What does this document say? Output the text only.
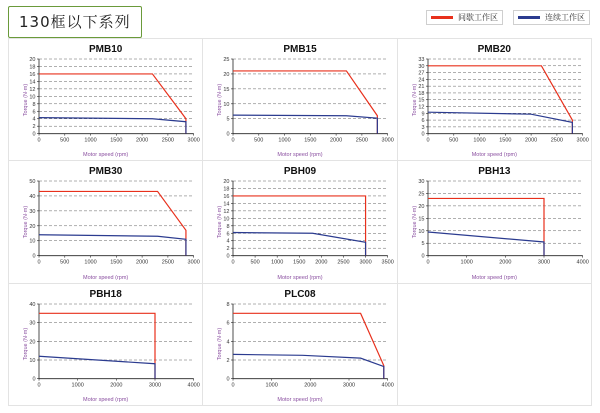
130框以下系列	间歇工作区	连续工作区
PMB10
Motor speed (rpm)
Torque (N·m)
0
2
4
6
8
10
12
14
16
18
20
0	500	1000 1500 2000 2500 3000
PMB15
Motor speed (rpm)
Torque (N·m)
0
5
10
15
20
25
0	500	1000 1500 2000 2500 3000
PMB20
Motor speed (rpm)
Torque (N·m)
0
3
6
9
12
15
18
21
24
27
30
33
0	500	1000 1500 2000 2500 3000
PMB30
Motor speed (rpm)
Torque (N·m)
0
10
20
30
40
50
0	500	1000 1500 2000 2500 3000
PBH09
Motor speed (rpm)
Torque (N·m)
0
2
4
6
8
10
12
14
16
18
20
0	500 1000 1500 2000 2500 3000 3500
PBH13
Motor speed (rpm)
Torque (N·m)
0
5
10
15
20
25
30
0	1000	2000	3000	4000
PBH18
Motor speed (rpm)
Torque (N·m)
0
10
20
30
40
0	1000	2000	3000	4000
PLC08
Motor speed (rpm)
Torque (N·m)
0
2
4
6
8
0	1000	2000	3000	4000
